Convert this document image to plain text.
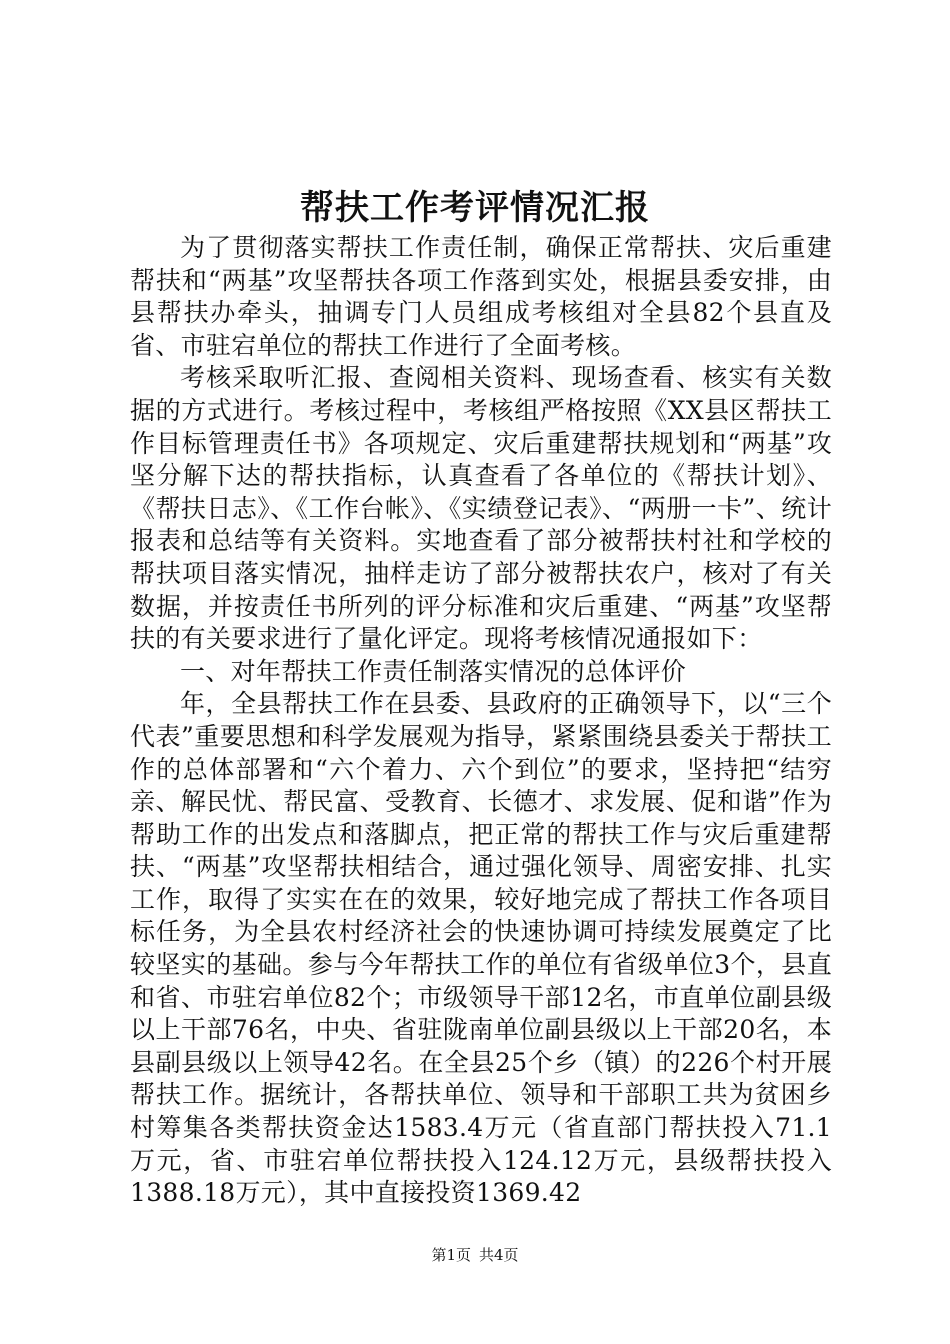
帮扶工作考评情况汇报

为了贯彻落实帮扶工作责任制，确保正常帮扶、灾后重建帮扶和“两基”攻坚帮扶各项工作落到实处，根据县委安排，由县帮扶办牵头，抽调专门人员组成考核组对全县82个县直及省、市驻宕单位的帮扶工作进行了全面考核。

考核采取听汇报、查阅相关资料、现场查看、核实有关数据的方式进行。考核过程中，考核组严格按照《XX县区帮扶工作目标管理责任书》各项规定、灾后重建帮扶规划和“两基”攻坚分解下达的帮扶指标，认真查看了各单位的《帮扶计划》、《帮扶日志》、《工作台帐》、《实绩登记表》、“两册一卡”、统计报表和总结等有关资料。实地查看了部分被帮扶村社和学校的帮扶项目落实情况，抽样走访了部分被帮扶农户，核对了有关数据，并按责任书所列的评分标准和灾后重建、“两基”攻坚帮扶的有关要求进行了量化评定。现将考核情况通报如下：

一、对年帮扶工作责任制落实情况的总体评价

年，全县帮扶工作在县委、县政府的正确领导下，以“三个代表”重要思想和科学发展观为指导，紧紧围绕县委关于帮扶工作的总体部署和“六个着力、六个到位”的要求，坚持把“结穷亲、解民忧、帮民富、受教育、长德才、求发展、促和谐”作为帮助工作的出发点和落脚点，把正常的帮扶工作与灾后重建帮扶、“两基”攻坚帮扶相结合，通过强化领导、周密安排、扎实工作，取得了实实在在的效果，较好地完成了帮扶工作各项目标任务，为全县农村经济社会的快速协调可持续发展奠定了比较坚实的基础。参与今年帮扶工作的单位有省级单位3个，县直和省、市驻宕单位82个；市级领导干部12名，市直单位副县级以上干部76名，中央、省驻陇南单位副县级以上干部20名，本县副县级以上领导42名。在全县25个乡（镇）的226个村开展帮扶工作。据统计，各帮扶单位、领导和干部职工共为贫困乡村筹集各类帮扶资金达1583.4万元（省直部门帮扶投入71.1万元，省、市驻宕单位帮扶投入124.12万元，县级帮扶投入1388.18万元），其中直接投资1369.42

第1页 共4页
